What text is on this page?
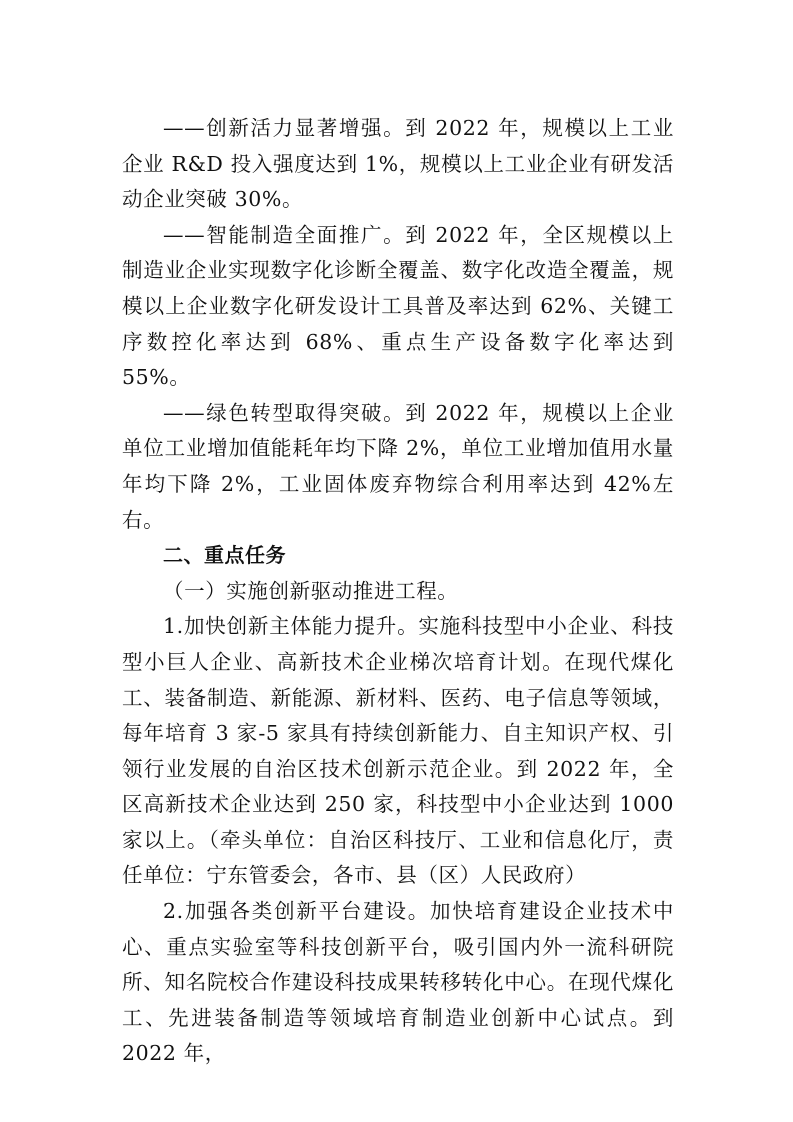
——创新活力显著增强。到 2022 年，规模以上工业企业 R&D 投入强度达到 1%，规模以上工业企业有研发活动企业突破 30%。

——智能制造全面推广。到 2022 年，全区规模以上制造业企业实现数字化诊断全覆盖、数字化改造全覆盖，规模以上企业数字化研发设计工具普及率达到 62%、关键工序数控化率达到 68%、重点生产设备数字化率达到 55%。

——绿色转型取得突破。到 2022 年，规模以上企业单位工业增加值能耗年均下降 2%，单位工业增加值用水量年均下降 2%，工业固体废弃物综合利用率达到 42%左右。

二、重点任务

（一）实施创新驱动推进工程。

1.加快创新主体能力提升。实施科技型中小企业、科技型小巨人企业、高新技术企业梯次培育计划。在现代煤化工、装备制造、新能源、新材料、医药、电子信息等领域，每年培育 3 家-5 家具有持续创新能力、自主知识产权、引领行业发展的自治区技术创新示范企业。到 2022 年，全区高新技术企业达到 250 家，科技型中小企业达到 1000 家以上。（牵头单位：自治区科技厅、工业和信息化厅，责任单位：宁东管委会，各市、县（区）人民政府）

2.加强各类创新平台建设。加快培育建设企业技术中心、重点实验室等科技创新平台，吸引国内外一流科研院所、知名院校合作建设科技成果转移转化中心。在现代煤化工、先进装备制造等领域培育制造业创新中心试点。到 2022 年，
